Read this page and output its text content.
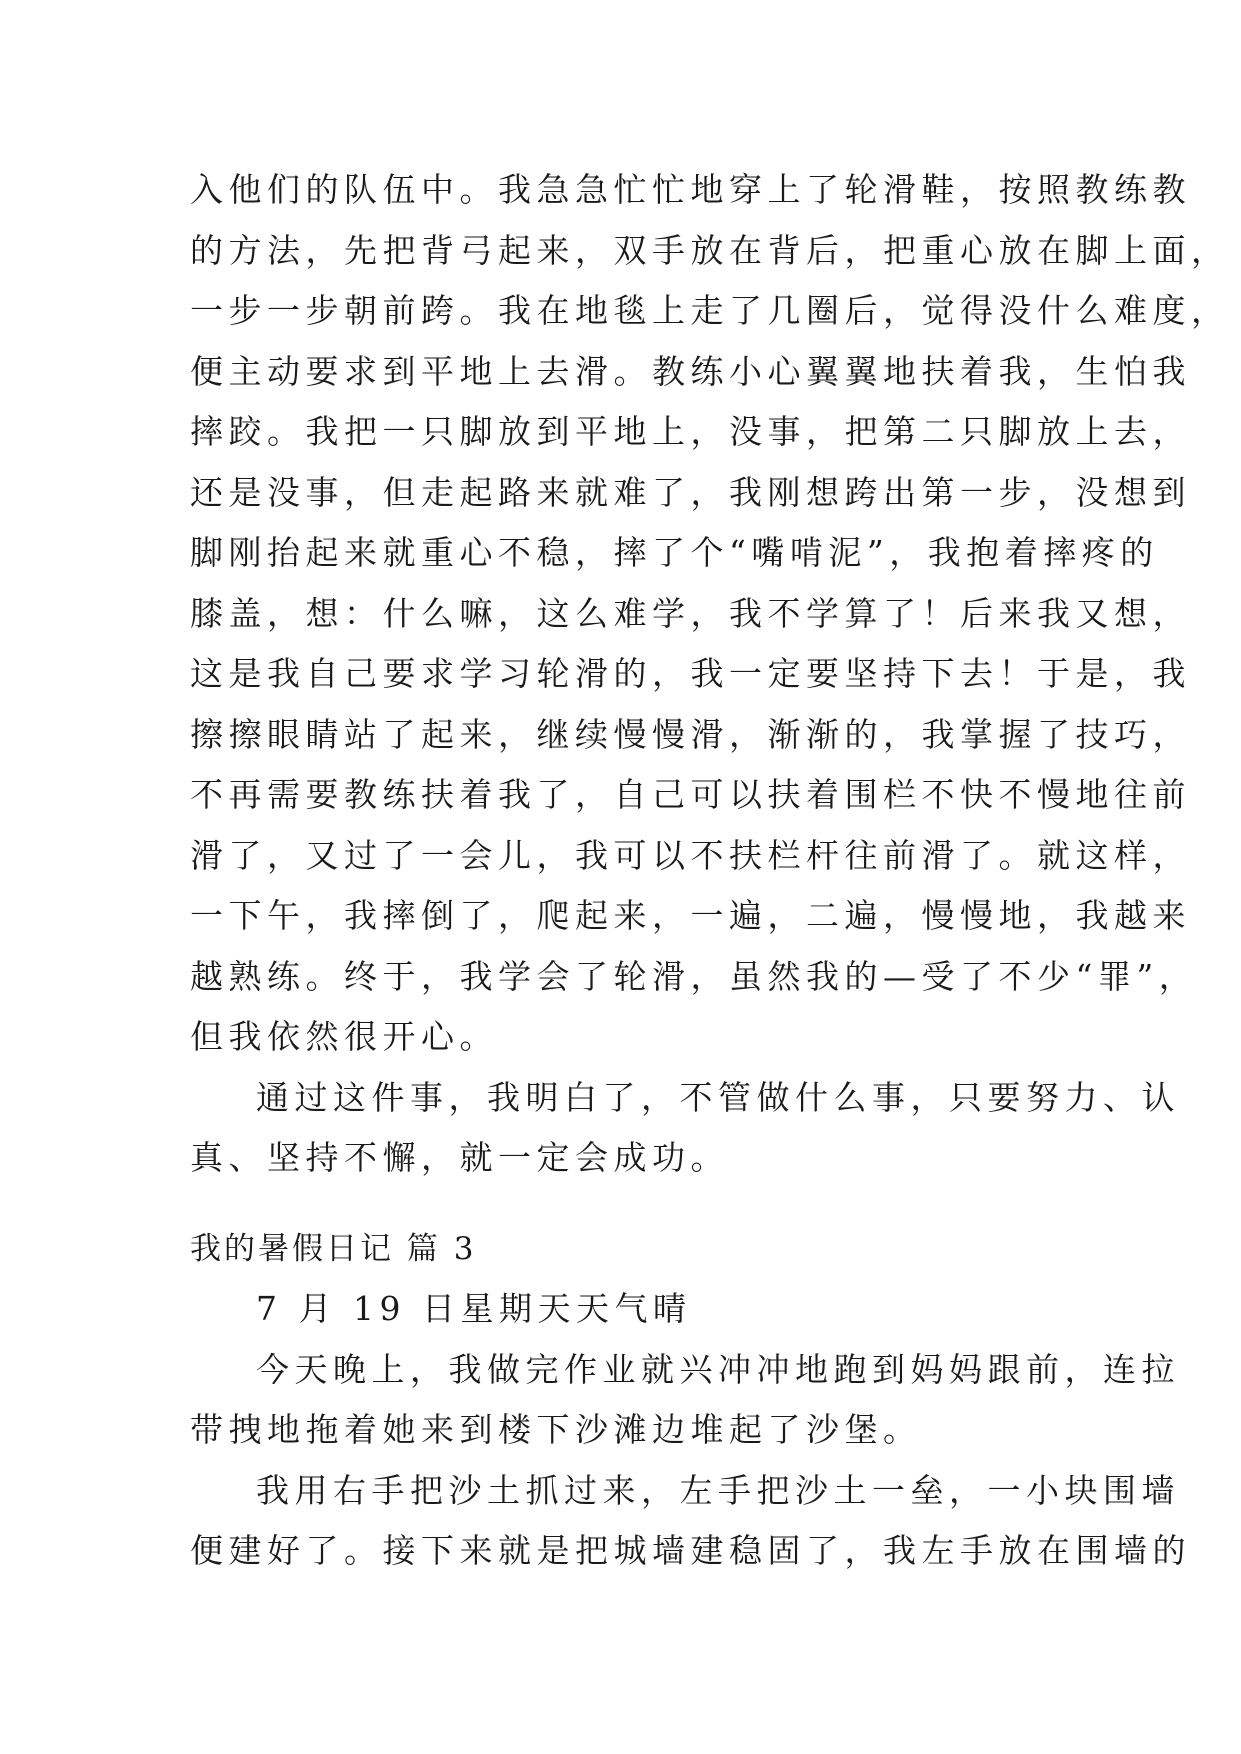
入他们的队伍中。我急急忙忙地穿上了轮滑鞋，按照教练教
的方法，先把背弓起来，双手放在背后，把重心放在脚上面，
一步一步朝前跨。我在地毯上走了几圈后，觉得没什么难度，
便主动要求到平地上去滑。教练小心翼翼地扶着我，生怕我
摔跤。我把一只脚放到平地上，没事，把第二只脚放上去，
还是没事，但走起路来就难了，我刚想跨出第一步，没想到
脚刚抬起来就重心不稳，摔了个“嘴啃泥”，我抱着摔疼的
膝盖，想：什么嘛，这么难学，我不学算了！后来我又想，
这是我自己要求学习轮滑的，我一定要坚持下去！于是，我
擦擦眼睛站了起来，继续慢慢滑，渐渐的，我掌握了技巧，
不再需要教练扶着我了，自己可以扶着围栏不快不慢地往前
滑了，又过了一会儿，我可以不扶栏杆往前滑了。就这样，
一下午，我摔倒了，爬起来，一遍，二遍，慢慢地，我越来
越熟练。终于，我学会了轮滑，虽然我的—受了不少“罪”，
但我依然很开心。
通过这件事，我明白了，不管做什么事，只要努力、认
真、坚持不懈，就一定会成功。
我的暑假日记 篇 3
7 月 19 日星期天天气晴
今天晚上，我做完作业就兴冲冲地跑到妈妈跟前，连拉
带拽地拖着她来到楼下沙滩边堆起了沙堡。
我用右手把沙土抓过来，左手把沙土一垒，一小块围墙
便建好了。接下来就是把城墙建稳固了，我左手放在围墙的
